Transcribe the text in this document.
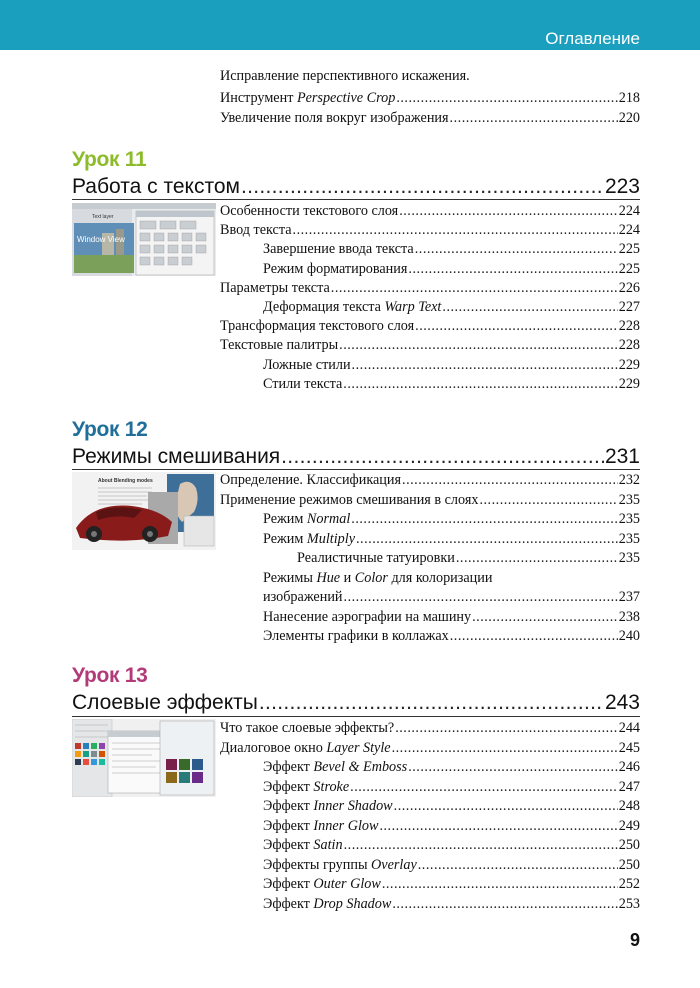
Оглавление
Исправление перспективного искажения.
Инструмент Perspective Crop .....	218
Увеличение поля вокруг изображения .....	220
Урок 11
Работа с текстом .....	223
Text layer
Window View
Особенности текстового слоя .....	224
Ввод текста .....	224
Завершение ввода текста .....	225
Режим форматирования .....	225
Параметры текста .....	226
Деформация текста Warp Text .....	227
Трансформация текстового слоя .....	228
Текстовые палитры .....	228
Ложные стили .....	229
Стили текста .....	229
Урок 12
Режимы смешивания .....	231
About Blending modes	Определение. Классификация .....	232
Применение режимов смешивания в слоях .....	235
Режим Normal .....	235
Режим Multiply .....	235
Реалистичные татуировки .....	235
Режимы Hue и Color для колоризации
изображений .....	237
Нанесение аэрографии на машину .....	238
Элементы графики в коллажах .....	240
Урок 13
Слоевые эффекты .....	243
Что такое слоевые эффекты? .....	244
Диалоговое окно Layer Style .....	245
Эффект Bevel & Emboss .....	246
Эффект Stroke .....	247
Эффект Inner Shadow .....	248
Эффект Inner Glow .....	249
Эффект Satin .....	250
Эффекты группы Overlay .....	250
Эффект Outer Glow .....	252
Эффект Drop Shadow .....	253
9
